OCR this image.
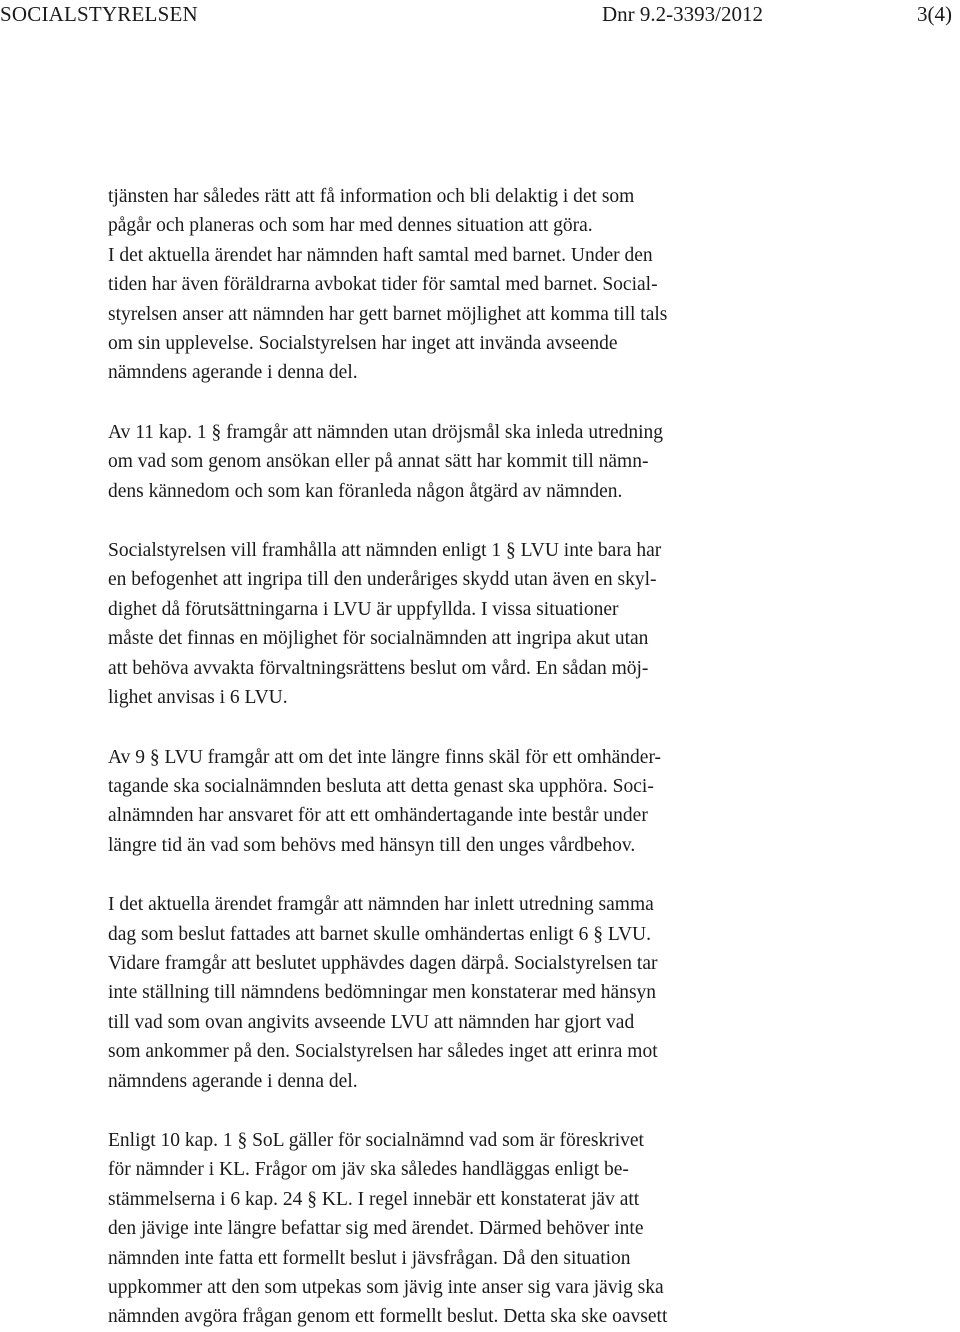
SOCIALSTYRELSEN	Dnr 9.2-3393/2012	3(4)
tjänsten har således rätt att få information och bli delaktig i det som
pågår och planeras och som har med dennes situation att göra.
I det aktuella ärendet har nämnden haft samtal med barnet. Under den
tiden har även föräldrarna avbokat tider för samtal med barnet. Social-
styrelsen anser att nämnden har gett barnet möjlighet att komma till tals
om sin upplevelse. Socialstyrelsen har inget att invända avseende
nämndens agerande i denna del.
Av 11 kap. 1 § framgår att nämnden utan dröjsmål ska inleda utredning
om vad som genom ansökan eller på annat sätt har kommit till nämn-
dens kännedom och som kan föranleda någon åtgärd av nämnden.
Socialstyrelsen vill framhålla att nämnden enligt 1 § LVU inte bara har
en befogenhet att ingripa till den underåriges skydd utan även en skyl-
dighet då förutsättningarna i LVU är uppfyllda. I vissa situationer
måste det finnas en möjlighet för socialnämnden att ingripa akut utan
att behöva avvakta förvaltningsrättens beslut om vård. En sådan möj-
lighet anvisas i 6 LVU.
Av 9 § LVU framgår att om det inte längre finns skäl för ett omhänder-
tagande ska socialnämnden besluta att detta genast ska upphöra. Soci-
alnämnden har ansvaret för att ett omhändertagande inte består under
längre tid än vad som behövs med hänsyn till den unges vårdbehov.
I det aktuella ärendet framgår att nämnden har inlett utredning samma
dag som beslut fattades att barnet skulle omhändertas enligt 6 § LVU.
Vidare framgår att beslutet upphävdes dagen därpå. Socialstyrelsen tar
inte ställning till nämndens bedömningar men konstaterar med hänsyn
till vad som ovan angivits avseende LVU att nämnden har gjort vad
som ankommer på den. Socialstyrelsen har således inget att erinra mot
nämndens agerande i denna del.
Enligt 10 kap. 1 § SoL gäller för socialnämnd vad som är föreskrivet
för nämnder i KL. Frågor om jäv ska således handläggas enligt be-
stämmelserna i 6 kap. 24 § KL. I regel innebär ett konstaterat jäv att
den jävige inte längre befattar sig med ärendet. Därmed behöver inte
nämnden inte fatta ett formellt beslut i jävsfrågan. Då den situation
uppkommer att den som utpekas som jävig inte anser sig vara jävig ska
nämnden avgöra frågan genom ett formellt beslut. Detta ska ske oavsett
